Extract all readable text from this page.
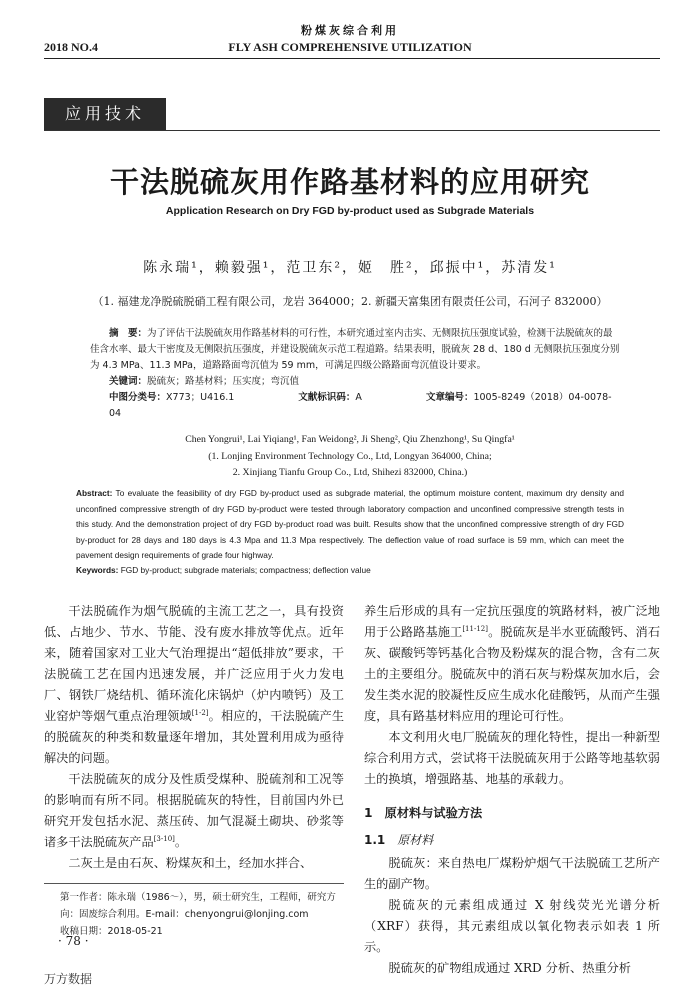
粉煤灰综合利用
2018 NO.4	FLY ASH COMPREHENSIVE UTILIZATION
应用技术
干法脱硫灰用作路基材料的应用研究
Application Research on Dry FGD by-product used as Subgrade Materials
陈永瑞¹，赖毅强¹，范卫东²，姬　胜²，邱振中¹，苏清发¹
（1. 福建龙净脱硫脱硝工程有限公司，龙岩 364000；2. 新疆天富集团有限责任公司，石河子 832000）
摘　要：为了评估干法脱硫灰用作路基材料的可行性，本研究通过室内击实、无侧限抗压强度试验，检测干法脱硫灰的最佳含水率、最大干密度及无侧限抗压强度，并建设脱硫灰示范工程道路。结果表明，脱硫灰 28 d、180 d 无侧限抗压强度分别为 4.3 MPa、11.3 MPa，道路路面弯沉值为 59 mm，可满足四级公路路面弯沉值设计要求。
关键词：脱硫灰；路基材料；压实度；弯沉值
中图分类号：X773；U416.1	文献标识码：A	文章编号：1005-8249（2018）04-0078-04
Chen Yongrui¹, Lai Yiqiang¹, Fan Weidong², Ji Sheng², Qiu Zhenzhong¹, Su Qingfa¹
(1. Lonjing Environment Technology Co., Ltd, Longyan 364000, China;
2. Xinjiang Tianfu Group Co., Ltd, Shihezi 832000, China.)
Abstract: To evaluate the feasibility of dry FGD by-product used as subgrade material, the optimum moisture content, maximum dry density and unconfined compressive strength of dry FGD by-product were tested through laboratory compaction and unconfined compressive strength tests in this study. And the demonstration project of dry FGD by-product road was built. Results show that the unconfined compressive strength of dry FGD by-product for 28 days and 180 days is 4.3 Mpa and 11.3 Mpa respectively. The deflection value of road surface is 59 mm, which can meet the pavement design requirements of grade four highway.
Keywords: FGD by-product; subgrade materials; compactness; deflection value

干法脱硫作为烟气脱硫的主流工艺之一，具有投资低、占地少、节水、节能、没有废水排放等优点。近年来，随着国家对工业大气治理提出“超低排放”要求，干法脱硫工艺在国内迅速发展，并广泛应用于火力发电厂、钢铁厂烧结机、循环流化床锅炉（炉内喷钙）及工业窑炉等烟气重点治理领域[1-2]。相应的，干法脱硫产生的脱硫灰的种类和数量逐年增加，其处置利用成为亟待解决的问题。

干法脱硫灰的成分及性质受煤种、脱硫剂和工况等的影响而有所不同。根据脱硫灰的特性，目前国内外已研究开发包括水泥、蒸压砖、加气混凝土砌块、砂浆等诸多干法脱硫灰产品[3-10]。

二灰土是由石灰、粉煤灰和土，经加水拌合、

养生后形成的具有一定抗压强度的筑路材料，被广泛地用于公路路基施工[11-12]。脱硫灰是半水亚硫酸钙、消石灰、碳酸钙等钙基化合物及粉煤灰的混合物，含有二灰土的主要组分。脱硫灰中的消石灰与粉煤灰加水后，会发生类水泥的胶凝性反应生成水化硅酸钙，从而产生强度，具有路基材料应用的理论可行性。

本文利用火电厂脱硫灰的理化特性，提出一种新型综合利用方式，尝试将干法脱硫灰用于公路等地基软弱土的换填，增强路基、地基的承载力。

1　原材料与试验方法
1.1 原材料

脱硫灰：来自热电厂煤粉炉烟气干法脱硫工艺所产生的副产物。

脱硫灰的元素组成通过 X 射线荧光光谱分析（XRF）获得，其元素组成以氧化物表示如表 1 所示。

脱硫灰的矿物组成通过 XRD 分析、热重分析

第一作者：陈永瑞（1986～），男，硕士研究生，工程师，研究方向：固废综合利用。E-mail：chenyongrui@lonjing.com

收稿日期：2018-05-21

· 78 ·
万方数据
